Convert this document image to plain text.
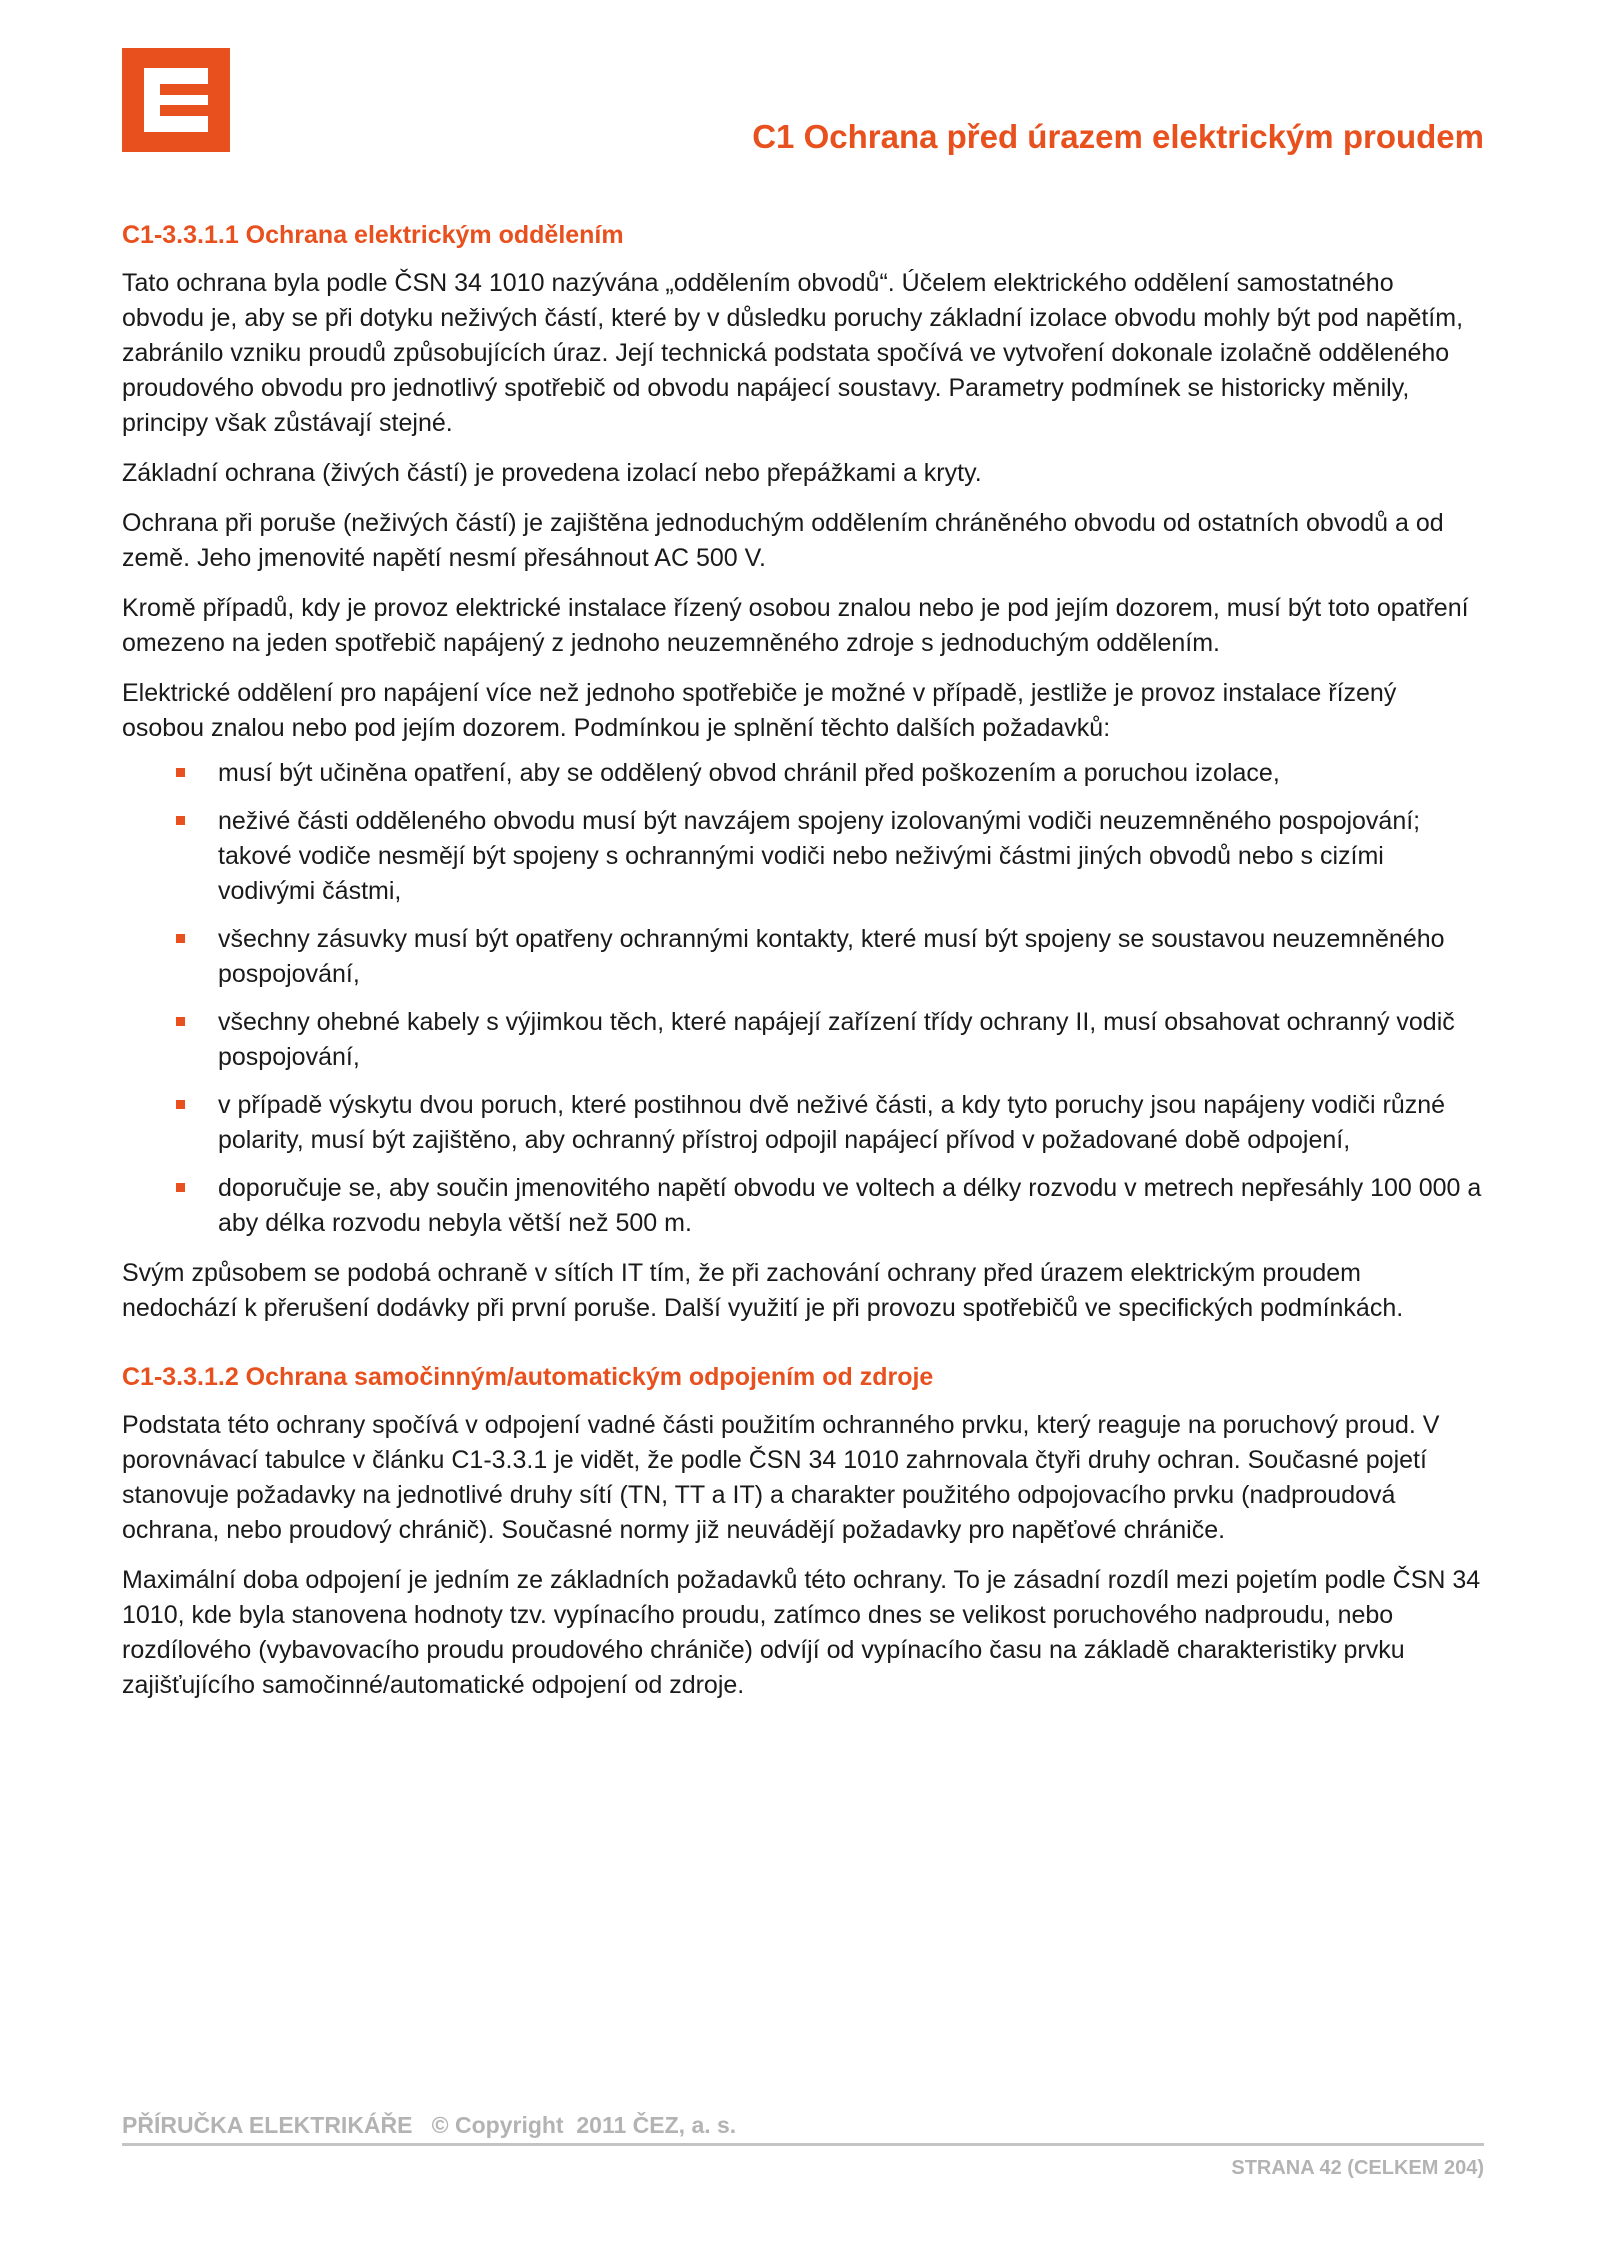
C1 Ochrana před úrazem elektrickým proudem
C1-3.3.1.1 Ochrana elektrickým oddělením

Tato ochrana byla podle ČSN 34 1010 nazývána „oddělením obvodů“. Účelem elektrického oddělení samostatného obvodu je, aby se při dotyku neživých částí, které by v důsledku poruchy základní izolace obvodu mohly být pod napětím, zabránilo vzniku proudů způsobujících úraz. Její technická podstata spočívá ve vytvoření dokonale izolačně odděleného proudového obvodu pro jednotlivý spotřebič od obvodu napájecí soustavy. Parametry podmínek se historicky měnily, principy však zůstávají stejné.

Základní ochrana (živých částí) je provedena izolací nebo přepážkami a kryty.

Ochrana při poruše (neživých částí) je zajištěna jednoduchým oddělením chráněného obvodu od ostatních obvodů a od země. Jeho jmenovité napětí nesmí přesáhnout AC 500 V.

Kromě případů, kdy je provoz elektrické instalace řízený osobou znalou nebo je pod jejím dozorem, musí být toto opatření omezeno na jeden spotřebič napájený z jednoho neuzemněného zdroje s jednoduchým oddělením.

Elektrické oddělení pro napájení více než jednoho spotřebiče je možné v případě, jestliže je provoz instalace řízený osobou znalou nebo pod jejím dozorem. Podmínkou je splnění těchto dalších požadavků:

musí být učiněna opatření, aby se oddělený obvod chránil před poškozením a poruchou izolace,
neživé části odděleného obvodu musí být navzájem spojeny izolovanými vodiči neuzemněného pospojování; takové vodiče nesmějí být spojeny s ochrannými vodiči nebo neživými částmi jiných obvodů nebo s cizími vodivými částmi,
všechny zásuvky musí být opatřeny ochrannými kontakty, které musí být spojeny se soustavou neuzemněného pospojování,
všechny ohebné kabely s výjimkou těch, které napájejí zařízení třídy ochrany II, musí obsahovat ochranný vodič pospojování,
v případě výskytu dvou poruch, které postihnou dvě neživé části, a kdy tyto poruchy jsou napájeny vodiči různé polarity, musí být zajištěno, aby ochranný přístroj odpojil napájecí přívod v požadované době odpojení,
doporučuje se, aby součin jmenovitého napětí obvodu ve voltech a délky rozvodu v metrech nepřesáhly 100 000 a aby délka rozvodu nebyla větší než 500 m.

Svým způsobem se podobá ochraně v sítích IT tím, že při zachování ochrany před úrazem elektrickým proudem nedochází k přerušení dodávky při první poruše. Další využití je při provozu spotřebičů ve specifických podmínkách.

C1-3.3.1.2 Ochrana samočinným/automatickým odpojením od zdroje

Podstata této ochrany spočívá v odpojení vadné části použitím ochranného prvku, který reaguje na poruchový proud. V porovnávací tabulce v článku C1-3.3.1 je vidět, že podle ČSN 34 1010 zahrnovala čtyři druhy ochran. Současné pojetí stanovuje požadavky na jednotlivé druhy sítí (TN, TT a IT) a charakter použitého odpojovacího prvku (nadproudová ochrana, nebo proudový chránič). Současné normy již neuvádějí požadavky pro napěťové chrániče.

Maximální doba odpojení je jedním ze základních požadavků této ochrany. To je zásadní rozdíl mezi pojetím podle ČSN 34 1010, kde byla stanovena hodnoty tzv. vypínacího proudu, zatímco dnes se velikost poruchového nadproudu, nebo rozdílového (vybavovacího proudu proudového chrániče) odvíjí od vypínacího času na základě charakteristiky prvku zajišťujícího samočinné/automatické odpojení od zdroje.

PŘÍRUČKA ELEKTRIKÁŘE   © Copyright  2011 ČEZ, a. s.
STRANA 42 (CELKEM 204)
